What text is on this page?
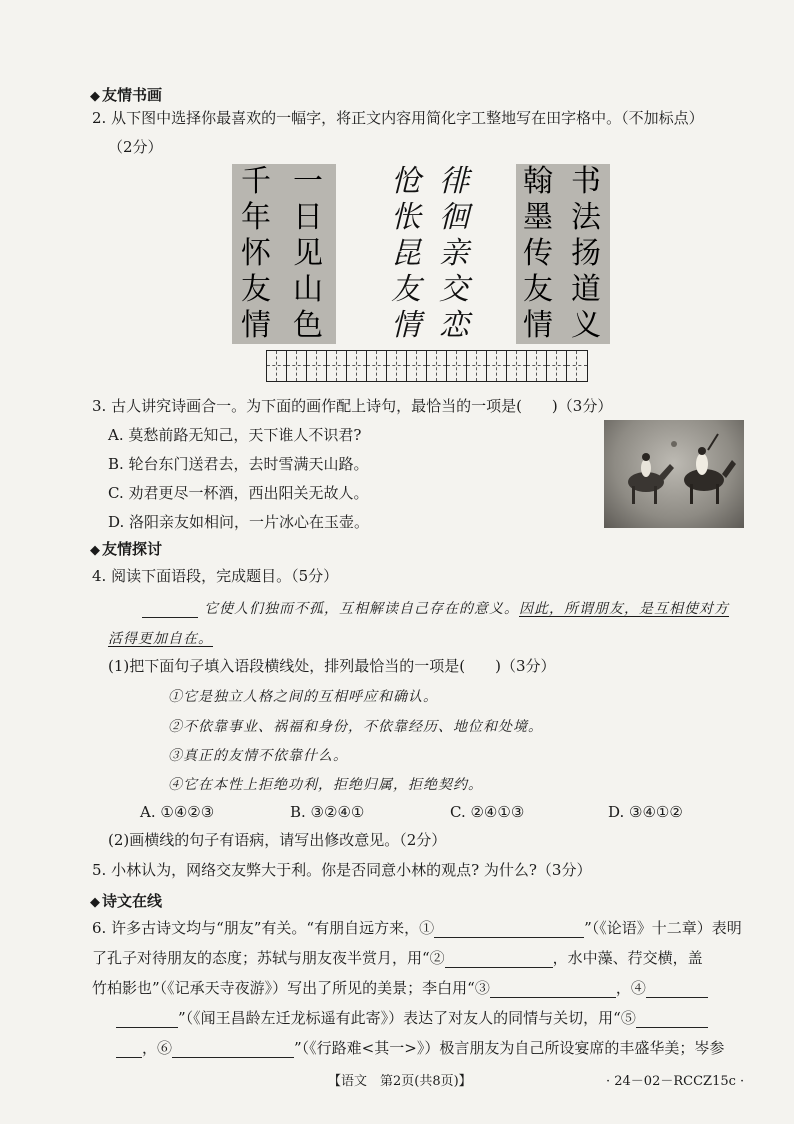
◆ 友情书画
2. 从下图中选择你最喜欢的一幅字，将正文内容用简化字工整地写在田字格中。（不加标点）
（2分）
千
年
怀
友
情
一
日
见
山
色
怆
怅
昆
友
情
徘
徊
亲
交
恋
翰
墨
传
友
情
书
法
扬
道
义
3. 古人讲究诗画合一。为下面的画作配上诗句，最恰当的一项是(　　)（3分）
A. 莫愁前路无知己，天下谁人不识君?
B. 轮台东门送君去，去时雪满天山路。
C. 劝君更尽一杯酒，西出阳关无故人。
D. 洛阳亲友如相问，一片冰心在玉壶。
◆ 友情探讨
4. 阅读下面语段，完成题目。（5分）
它使人们独而不孤，互相解读自己存在的意义。因此，所谓朋友，是互相使对方
活得更加自在。
(1)把下面句子填入语段横线处，排列最恰当的一项是(　　)（3分）
①它是独立人格之间的互相呼应和确认。
②不依靠事业、祸福和身份，不依靠经历、地位和处境。
③真正的友情不依靠什么。
④它在本性上拒绝功利，拒绝归属，拒绝契约。
A. ①④②③	B. ③②④①	C. ②④①③	D. ③④①②
(2)画横线的句子有语病，请写出修改意见。（2分）
5. 小林认为，网络交友弊大于利。你是否同意小林的观点? 为什么?（3分）
◆ 诗文在线
6. 许多古诗文均与“朋友”有关。“有朋自远方来，①	”（《论语》十二章）表明
了孔子对待朋友的态度；苏轼与朋友夜半赏月，用“②	，水中藻、荇交横，盖
竹柏影也”（《记承天寺夜游》）写出了所见的美景；李白用“③	，④
”（《闻王昌龄左迁龙标遥有此寄》）表达了对友人的同情与关切，用“⑤
，⑥	”（《行路难<其一>》）极言朋友为自己所设宴席的丰盛华美；岑参
【语文　第2页(共8页)】	· 24－02－RCCZ15c ·
